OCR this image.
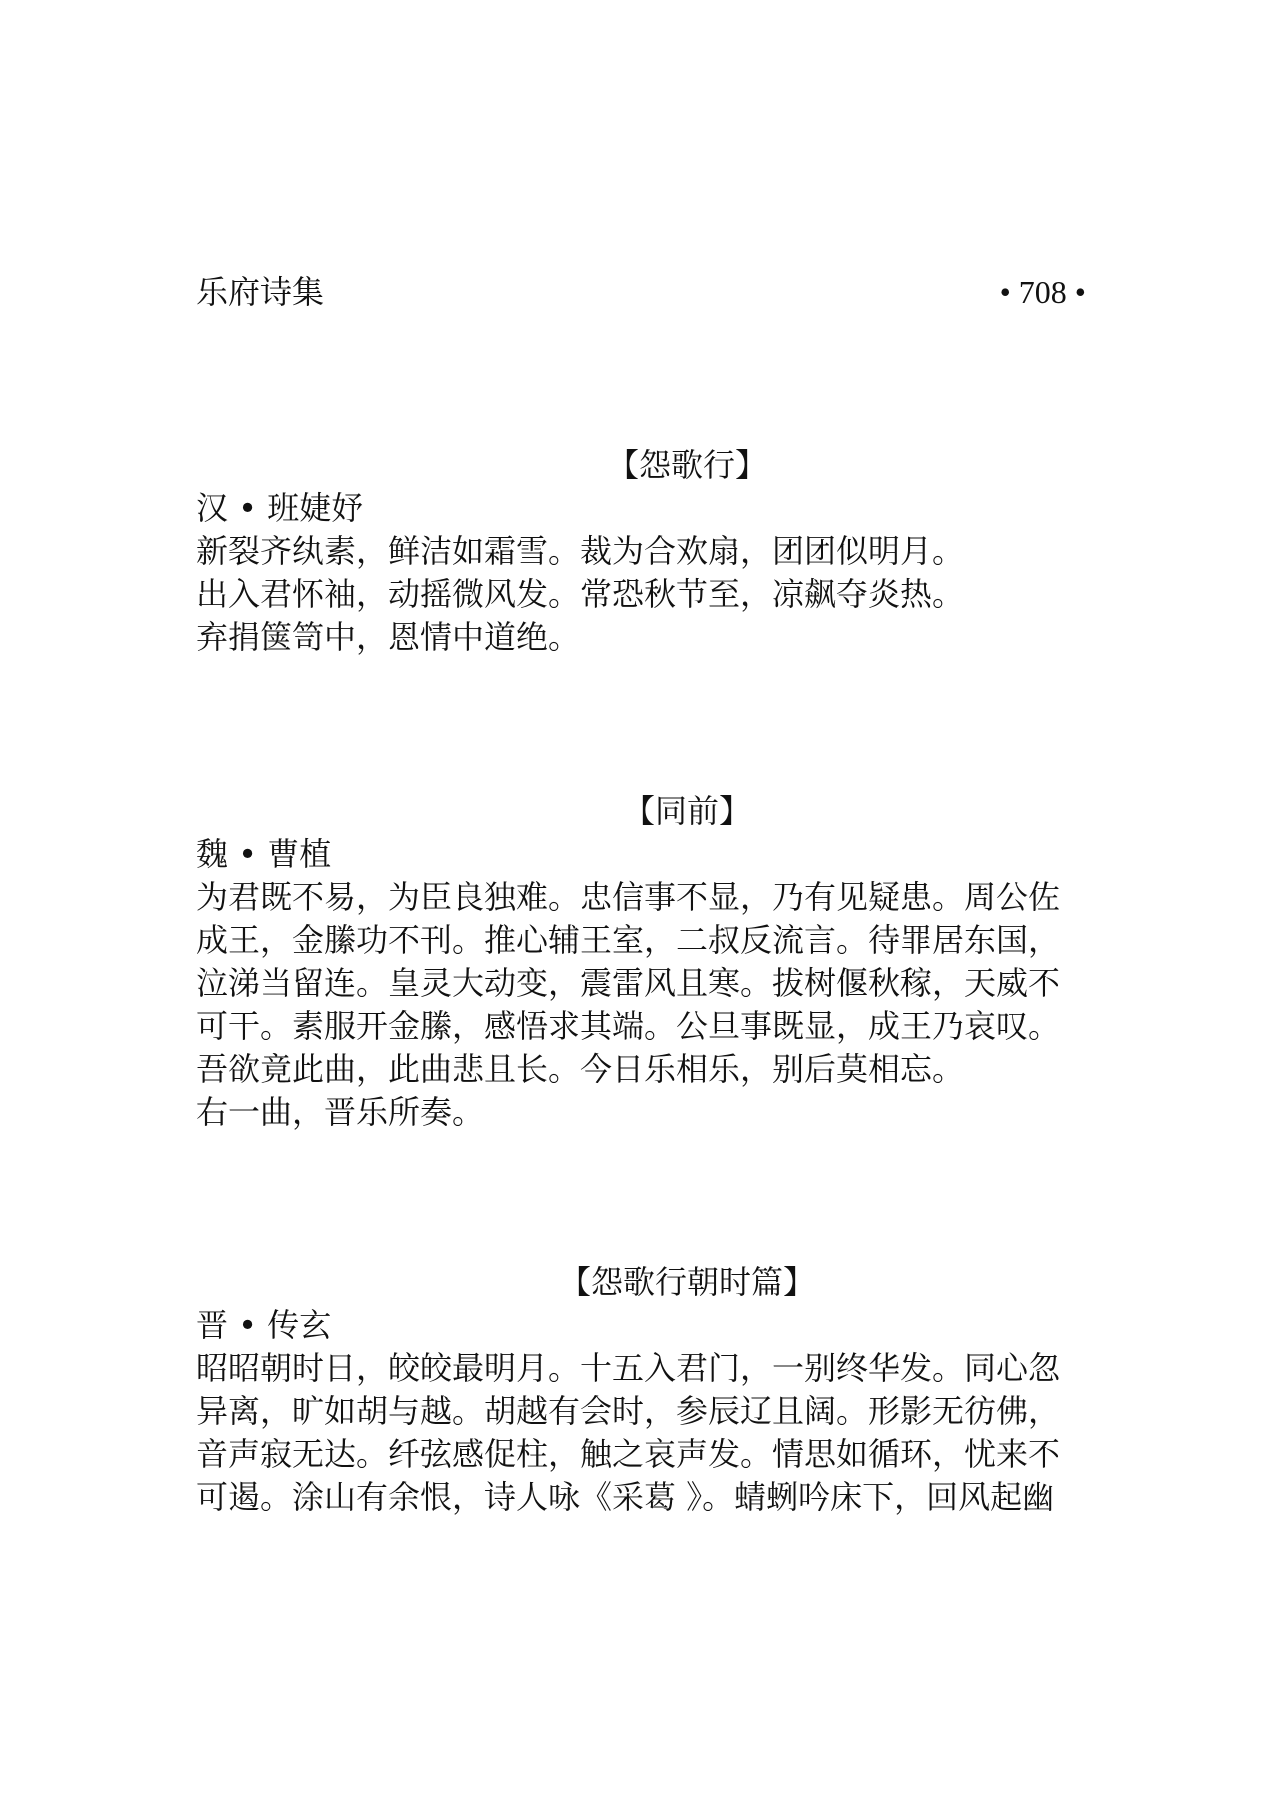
乐府诗集	• 708 •
【怨歌行】
汉 • 班婕妤
新裂齐纨素，鲜洁如霜雪。裁为合欢扇，团团似明月。
出入君怀袖，动摇微风发。常恐秋节至，凉飙夺炎热。
弃捐箧笥中，恩情中道绝。
【同前】
魏 • 曹植
为君既不易，为臣良独难。忠信事不显，乃有见疑患。周公佐
成王，金縢功不刊。推心辅王室，二叔反流言。待罪居东国，
泣涕当留连。皇灵大动变，震雷风且寒。拔树偃秋稼，天威不
可干。素服开金縢，感悟求其端。公旦事既显，成王乃哀叹。
吾欲竟此曲，此曲悲且长。今日乐相乐，别后莫相忘。
右一曲，晋乐所奏。
【怨歌行朝时篇】
晋 • 传玄
昭昭朝时日，皎皎最明月。十五入君门，一别终华发。同心忽
异离，旷如胡与越。胡越有会时，参辰辽且阔。形影无彷佛，
音声寂无达。纤弦感促柱，触之哀声发。情思如循环，忧来不
可遏。涂山有余恨，诗人咏《采葛 》。蜻蛚吟床下，回风起幽
